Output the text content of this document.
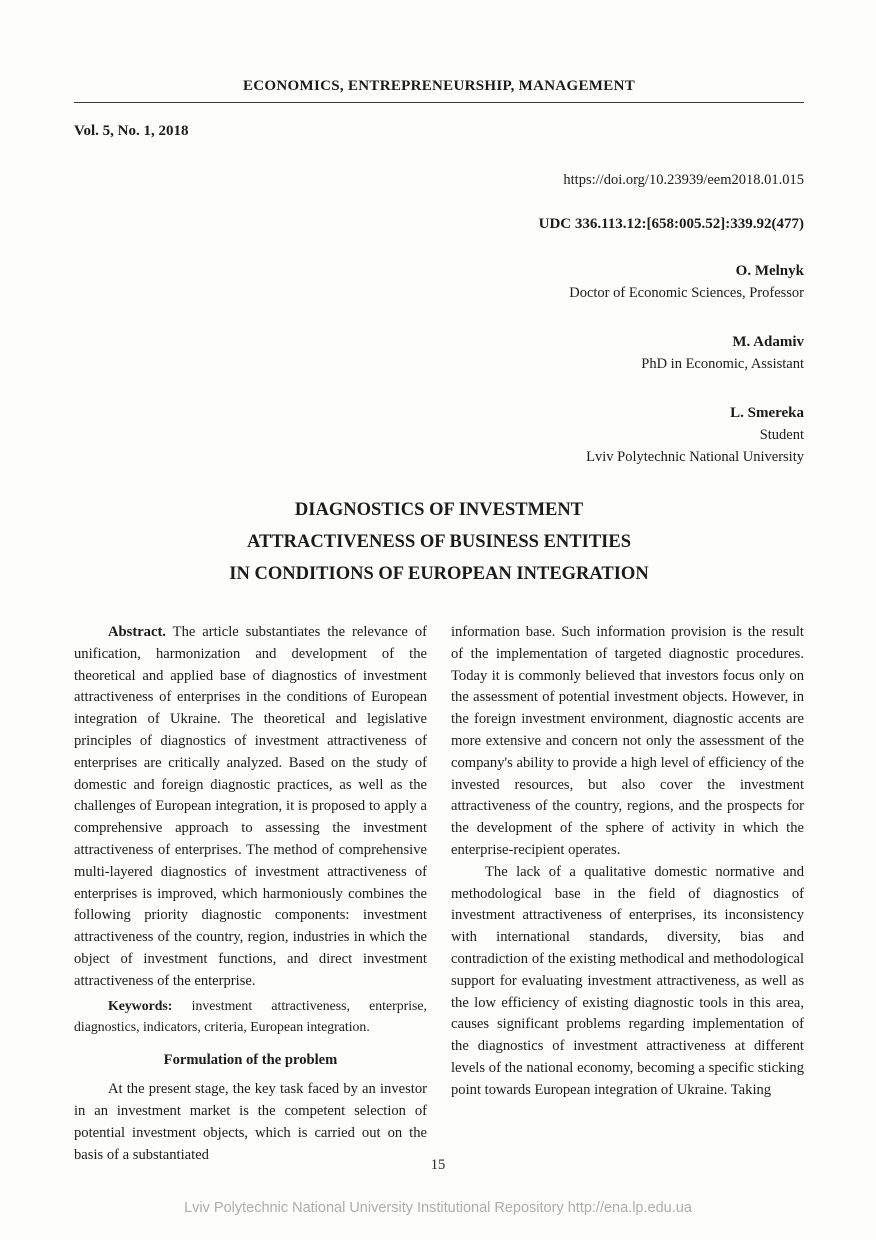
ECONOMICS, ENTREPRENEURSHIP, MANAGEMENT
Vol. 5, No. 1, 2018
https://doi.org/10.23939/eem2018.01.015
UDC 336.113.12:[658:005.52]:339.92(477)
O. Melnyk
Doctor of Economic Sciences, Professor
M. Adamiv
PhD in Economic, Assistant
L. Smereka
Student
Lviv Polytechnic National University
DIAGNOSTICS OF INVESTMENT
ATTRACTIVENESS OF BUSINESS ENTITIES
IN CONDITIONS OF EUROPEAN INTEGRATION

Abstract. The article substantiates the relevance of unification, harmonization and development of the theoretical and applied base of diagnostics of investment attractiveness of enterprises in the conditions of European integration of Ukraine. The theoretical and legislative principles of diagnostics of investment attractiveness of enterprises are critically analyzed. Based on the study of domestic and foreign diagnostic practices, as well as the challenges of European integration, it is proposed to apply a comprehensive approach to assessing the investment attractiveness of enterprises. The method of comprehensive multi-layered diagnostics of investment attractiveness of enterprises is improved, which harmoniously combines the following priority diagnostic components: investment attractiveness of the country, region, industries in which the object of investment functions, and direct investment attractiveness of the enterprise.

Keywords: investment attractiveness, enterprise, diagnostics, indicators, criteria, European integration.

Formulation of the problem

At the present stage, the key task faced by an investor in an investment market is the competent selection of potential investment objects, which is carried out on the basis of a substantiated

information base. Such information provision is the result of the implementation of targeted diagnostic procedures. Today it is commonly believed that investors focus only on the assessment of potential investment objects. However, in the foreign investment environment, diagnostic accents are more extensive and concern not only the assessment of the company's ability to provide a high level of efficiency of the invested resources, but also cover the investment attractiveness of the country, regions, and the prospects for the development of the sphere of activity in which the enterprise-recipient operates.

The lack of a qualitative domestic normative and methodological base in the field of diagnostics of investment attractiveness of enterprises, its inconsistency with international standards, diversity, bias and contradiction of the existing methodical and methodological support for evaluating investment attractiveness, as well as the low efficiency of existing diagnostic tools in this area, causes significant problems regarding implementation of the diagnostics of investment attractiveness at different levels of the national economy, becoming a specific sticking point towards European integration of Ukraine. Taking

15
Lviv Polytechnic National University Institutional Repository http://ena.lp.edu.ua
